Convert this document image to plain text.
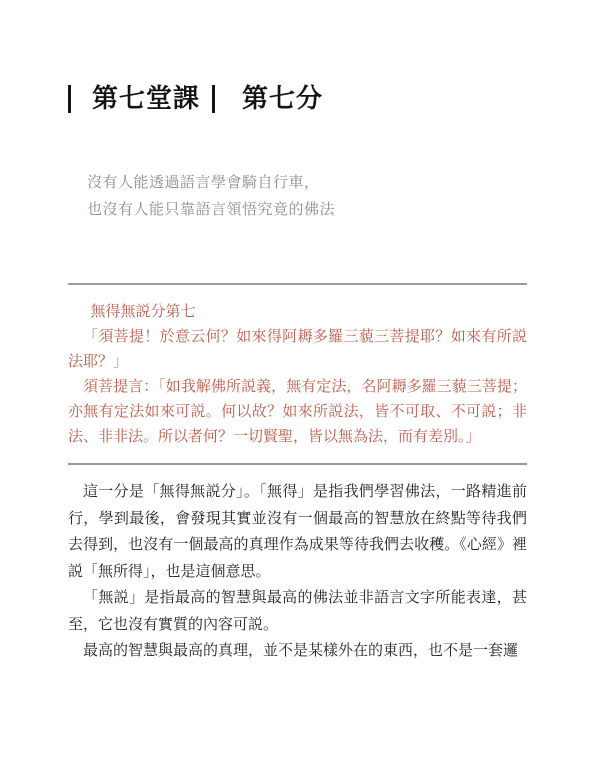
第七堂課 第七分
沒有人能透過語言學會騎自行車，
也沒有人能只靠語言領悟究竟的佛法

無得無説分第七

「須菩提！於意云何？如來得阿耨多羅三藐三菩提耶？如來有所説法耶？」

須菩提言：「如我解佛所説義，無有定法，名阿耨多羅三藐三菩提；亦無有定法如來可説。何以故？如來所説法，皆不可取、不可説；非法、非非法。所以者何？一切賢聖，皆以無為法，而有差別。」

這一分是「無得無説分」。「無得」是指我們學習佛法，一路精進前行，學到最後，會發現其實並沒有一個最高的智慧放在終點等待我們去得到，也沒有一個最高的真理作為成果等待我們去收穫。《心經》裡説「無所得」，也是這個意思。

「無説」是指最高的智慧與最高的佛法並非語言文字所能表達，甚至，它也沒有實質的內容可説。

最高的智慧與最高的真理，並不是某樣外在的東西，也不是一套邏
